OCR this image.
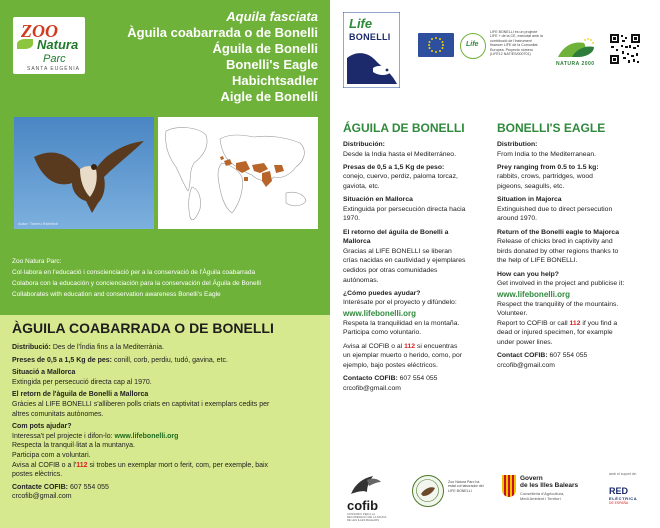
ZOO
Natura
Parc
SANTA EUGÈNIA
Aquila fasciata
Àguila coabarrada o de Bonelli
Águila de Bonelli
Bonelli's Eagle
Habichtsadler
Aigle de Bonelli
Autor: Tomeu Estelrich

Zoo Natura Parc:

Col·labora en l'educació i conscienciació per a la conservació de l'Àguila coabarrada

Colabora con la educación y concienciación para la conservación del Águila de Bonelli

Collaborates with education and conservation awareness Bonelli's Eagle

ÀGUILA COABARRADA O DE BONELLI
Distribució: Des de l'Índia fins a la Mediterrània.
Preses de 0,5 a 1,5 Kg de pes: conill, corb, perdiu, tudó, gavina, etc.
Situació a Mallorca
Extingida per persecució directa cap al 1970.
El retorn de l'àguila de Bonelli a Mallorca
Gràcies al LIFE BONELLI s'alliberen polls criats en captivitat i exemplars cedits per
altres comunitats autònomes.
Com pots ajudar?
Interessa't pel projecte i difon-lo: www.lifebonelli.org
Respecta la tranquil·litat a la muntanya.
Participa com a voluntari.
Avisa al COFIB o a l'112 si trobes un exemplar mort o ferit, com, per exemple, baix
postes elèctrics.
Contacte COFIB: 607 554 055
crcofib@gmail.com
Life
BONELLI
Life
LIFE BONELLI és un projecte LIFE + de la CE, executat amb la contribució de l'instrument financer LIFE de la Comunitat Europea. Proyecto número (LIFE12 NAT/ES/000701)
NATURA 2000
ÁGUILA DE BONELLI
Distribución:
Desde la India hasta el Mediterráneo.
Presas de 0,5 a 1,5 Kg de peso:
conejo, cuervo, perdiz, paloma torcaz,
gaviota, etc.
Situación en Mallorca
Extinguida por persecución directa hacia
1970.
El retorno del águila de Bonelli a
Mallorca
Gracias al LIFE BONELLI se liberan
crías nacidas en cautividad y ejemplares
cedidos por otras comunidades
autónomas.
¿Cómo puedes ayudar?
Interésate por el proyecto y difúndelo:
www.lifebonelli.org
Respeta la tranquilidad en la montaña.
Participa como voluntario.
Avisa al COFIB o al 112 si encuentras
un ejemplar muerto o herido, como, por
ejemplo, bajo postes eléctricos.
Contacto COFIB: 607 554 055
crcofib@gmail.com
BONELLI'S EAGLE
Distribution:
From India to the Mediterranean.
Prey ranging from 0.5 to 1.5 kg:
rabbits, crows, partridges, wood
pigeons, seagulls, etc.
Situation in Majorca
Extinguished due to direct persecution
around 1970.
Return of the Bonelli eagle to Majorca
Release of chicks bred in captivity and
birds donated by other regions thanks to
the help of LIFE BONELLI.
How can you help?
Get involved in the project and publicise it:
www.lifebonelli.org
Respect the tranquility of the mountains.
Volunteer.
Report to COFIB or call 112 if you find a
dead or injured specimen, for example
under power lines.
Contact COFIB: 607 554 055
crcofib@gmail.com
cofib
CONSORCI PER A LA RECUPERACIÓ DE LA FAUNA DE LES ILLES BALEARS
Zoo Natura Parc ha estat col·laborador del LIFE BONELLI
Govern
de les Illes Balears
Conselleria d'Agricultura,
Medi Ambient i Territori
amb el suport de:
RED
ELÉCTRICA
DE ESPAÑA
